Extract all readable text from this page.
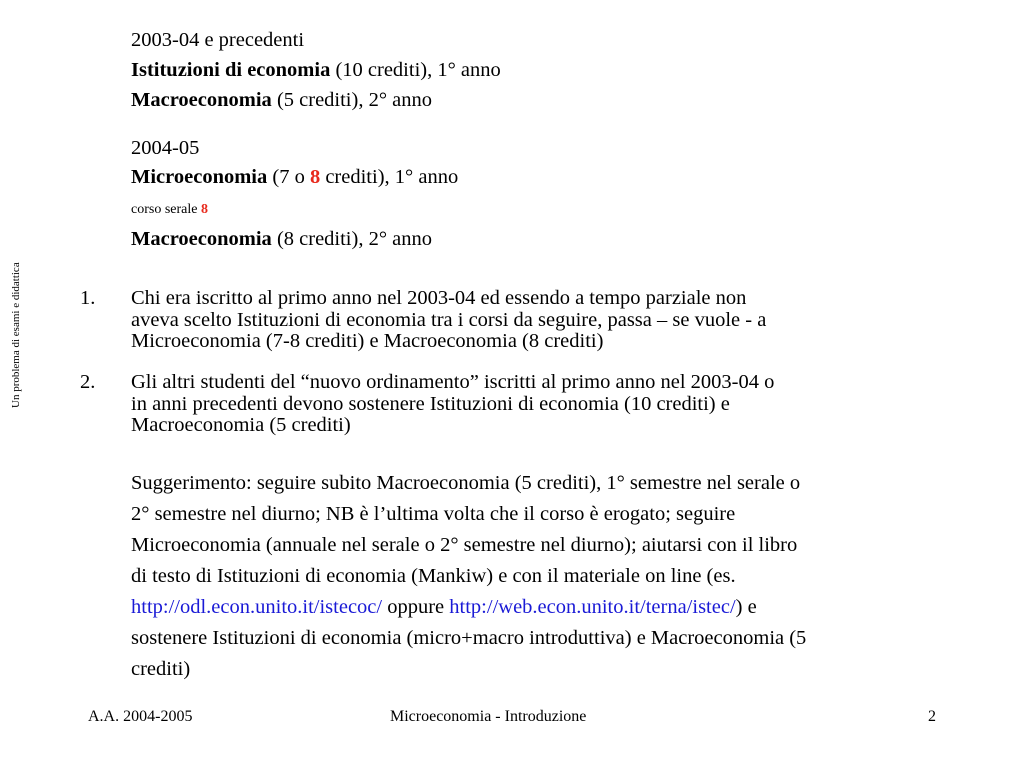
Un problema di esami e didattica
2003-04 e precedenti
Istituzioni di economia (10 crediti), 1° anno
Macroeconomia (5 crediti), 2° anno
2004-05
Microeconomia (7 o 8 crediti), 1° anno
corso serale 8
Macroeconomia (8 crediti), 2° anno
1. Chi era iscritto al primo anno nel 2003-04 ed essendo a tempo parziale non
aveva scelto Istituzioni di economia tra i corsi da seguire, passa – se vuole - a
Microeconomia (7-8 crediti) e Macroeconomia (8 crediti)
2. Gli altri studenti del “nuovo ordinamento” iscritti al primo anno nel 2003-04 o
in anni precedenti devono sostenere Istituzioni di economia (10 crediti) e
Macroeconomia (5 crediti)
Suggerimento: seguire subito Macroeconomia (5 crediti), 1° semestre nel serale o
2° semestre nel diurno; NB è l’ultima volta che il corso è erogato; seguire
Microeconomia (annuale nel serale o 2° semestre nel diurno); aiutarsi con il libro
di testo di Istituzioni di economia (Mankiw) e con il materiale on line (es.
http://odl.econ.unito.it/istecoc/ oppure http://web.econ.unito.it/terna/istec/) e
sostenere Istituzioni di economia (micro+macro introduttiva) e Macroeconomia (5
crediti)
A.A. 2004-2005	Microeconomia - Introduzione	2
